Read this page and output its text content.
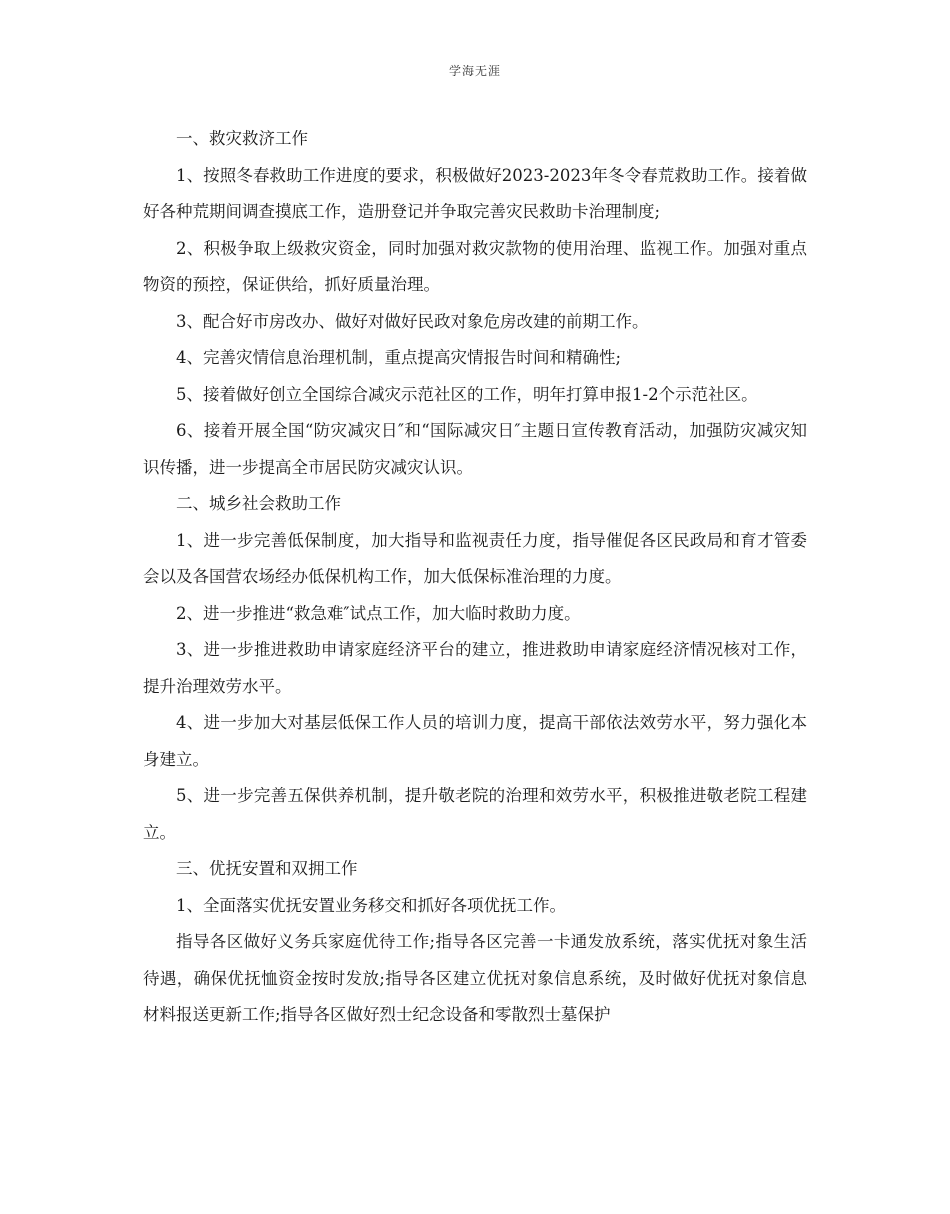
学海无涯

一、救灾救济工作

1、按照冬春救助工作进度的要求，积极做好2023-2023年冬令春荒救助工作。接着做好各种荒期间调查摸底工作，造册登记并争取完善灾民救助卡治理制度;

2、积极争取上级救灾资金，同时加强对救灾款物的使用治理、监视工作。加强对重点物资的预控，保证供给，抓好质量治理。

3、配合好市房改办、做好对做好民政对象危房改建的前期工作。

4、完善灾情信息治理机制，重点提高灾情报告时间和精确性;

5、接着做好创立全国综合减灾示范社区的工作，明年打算申报1-2个示范社区。

6、接着开展全国“防灾减灾日″和“国际减灾日″主题日宣传教育活动，加强防灾减灾知识传播，进一步提高全市居民防灾减灾认识。

二、城乡社会救助工作

1、进一步完善低保制度，加大指导和监视责任力度，指导催促各区民政局和育才管委会以及各国营农场经办低保机构工作，加大低保标准治理的力度。

2、进一步推进“救急难″试点工作，加大临时救助力度。

3、进一步推进救助申请家庭经济平台的建立，推进救助申请家庭经济情况核对工作，提升治理效劳水平。

4、进一步加大对基层低保工作人员的培训力度，提高干部依法效劳水平，努力强化本身建立。

5、进一步完善五保供养机制，提升敬老院的治理和效劳水平，积极推进敬老院工程建立。

三、优抚安置和双拥工作

1、全面落实优抚安置业务移交和抓好各项优抚工作。

指导各区做好义务兵家庭优待工作;指导各区完善一卡通发放系统，落实优抚对象生活待遇，确保优抚恤资金按时发放;指导各区建立优抚对象信息系统，及时做好优抚对象信息材料报送更新工作;指导各区做好烈士纪念设备和零散烈士墓保护
